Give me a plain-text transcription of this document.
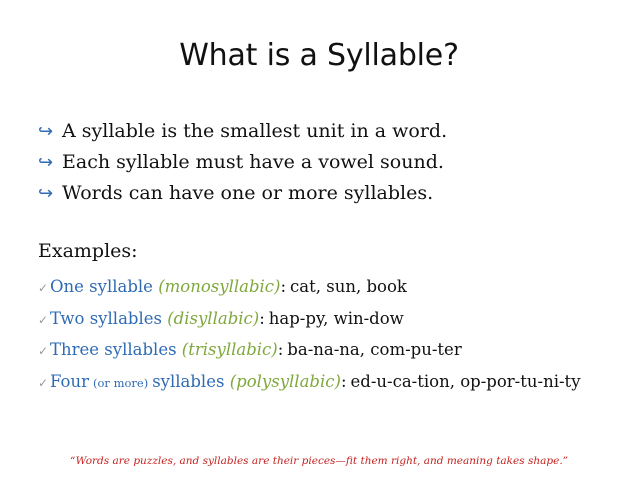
What is a Syllable?
↪ A syllable is the smallest unit in a word.
↪ Each syllable must have a vowel sound.
↪ Words can have one or more syllables.
Examples:
✓ One syllable
(monosyllabic) : cat, sun, book
✓ Two syllables
(disyllabic) : hap-py, win-dow
✓ Three syllables
(trisyllabic) : ba-na-na, com-pu-ter
✓ Four (or more) syllables
(polysyllabic) : ed-u-ca-tion, op-por-tu-ni-ty
“Words are puzzles, and syllables are their pieces—fit them right, and meaning takes shape.”
